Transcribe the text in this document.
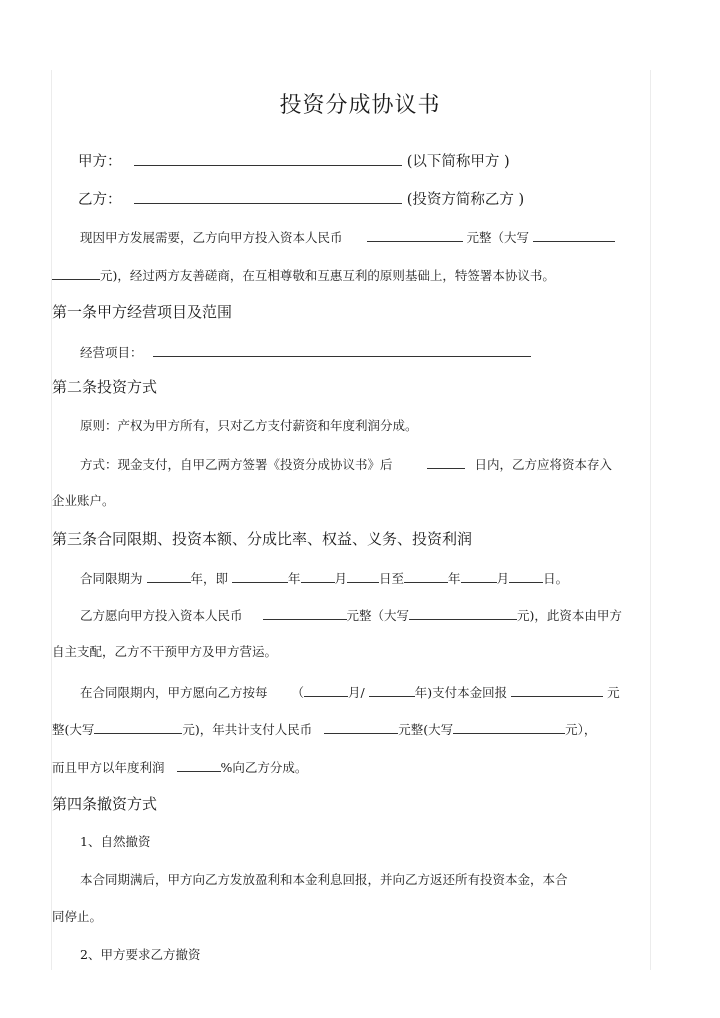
投资分成协议书
甲方：	(以下简称甲方 )
乙方：	(投资方简称乙方 )
现因甲方发展需要，乙方向甲方投入资本人民币	元整（大写
元)，经过两方友善磋商，在互相尊敬和互惠互利的原则基础上，特签署本协议书。
第一条甲方经营项目及范围
经营项目：
第二条投资方式
原则：产权为甲方所有，只对乙方支付薪资和年度利润分成。
方式：现金支付，自甲乙两方签署《投资分成协议书》后	日内，乙方应将资本存入
企业账户。
第三条合同限期、投资本额、分成比率、权益、义务、投资利润
合同限期为	年，即	年	月	日至	年	月	日。
乙方愿向甲方投入资本人民币	元整（大写	元)，此资本由甲方
自主支配，乙方不干预甲方及甲方营运。
在合同限期内，甲方愿向乙方按每 （	月/	年)支付本金回报	元
整(大写	元)，年共计支付人民币	元整(大写	元），
而且甲方以年度利润	%向乙方分成。
第四条撤资方式
1、自然撤资
本合同期满后，甲方向乙方发放盈利和本金利息回报，并向乙方返还所有投资本金，本合
同停止。
2、甲方要求乙方撤资
